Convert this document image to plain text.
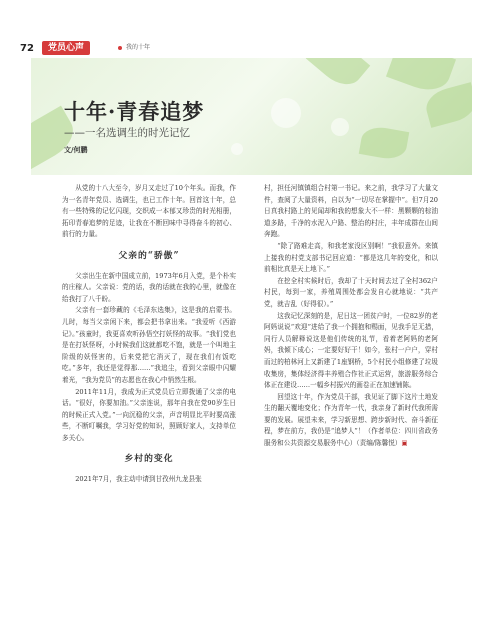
72	党员心声	我的十年
十年·青春追梦
——一名选调生的时光记忆
文/何鹏

从党的十八大至今，岁月又走过了10个年头。而我，作为一名青年党员、选调生，也已工作十年。回首这十年，总有一些特殊的记忆闪现，交织成一本郁又珍贵的时光相册，拓印青春追梦的足迹，让我在不断回味中寻得奋斗的初心、前行的力量。

父亲的“骄傲”

父亲出生在新中国成立前，1973年6月入党，是个朴实的庄稼人。父亲说：党的话，我的话就在我的心里，就像在给我打了八千盼。

父亲有一套珍藏的《毛泽东选集》，这是我的启蒙书。儿时，每当父亲闲下来，都会把书拿出来。“我爱听《西游记》。”孩童时，我更喜欢听孙悟空打妖怪的故事。“我们党也是在打妖怪呀，小时候我们这就都吃不饱，就是一个叫地主阶级的妖怪害的，后来党把它消灭了，现在我们有饭吃吃。”多年，我还是觉得那……”我追尘，看到父亲眼中闪耀着光，“我为党员”的志愿也在我心中悄然生根。

2011年11月，我成为正式党员后立即拨通了父亲的电话。“很好，你要加油。”父亲连说，那年自我在党90岁生日的时候正式入党。”一向沉稳的父亲，声音明显比平时要高涨些，不断叮嘱我，学习好党的知识，照顾好家人，支持单位多关心。

乡村的变化

2021年7月，我主动申请到甘孜州九龙县张

村，担任河镇镇组合村第一书记。来之前，我学习了大量文件，查阅了大量资料，自以为“一切尽在掌握中”。但7月20日真我村路上的见闻却和我的想象大不一样：黑颗颗的棕油道多路，千净的水泥入户路、整治的村庄，丰年成群在山间奔跑。

“除了路难走高，和我老家没区别啊！”我很意外。来镇上接我的村党支部书记回应道：“都是这几年的变化，和以前相比真是天上地下。”

在挖全村实候时后，我却了十天时间去过了全村362户村民，每到一家，养殖周围处都会发自心就地说：“共产党，就吉乱（好得很）。”

这我记忆深刻的是，尼日这一团贫户时，一位82岁的老阿妈说说“欢迎”进给了我一个拥抱和赐面，见我手足无措，同行人员解释说这是他们传统的礼节，看着老阿妈的老阿妈，我倾下成心；一定要好好干！如今，张村一户户，穿村而过的柏林河上又新建了1座钢桥，5个村民小组修建了垃圾收集房，集体经济得丰养殖合作社正式运营，旅游服务综合体正在建设……一幅乡村振兴的画卷正在加速铺陈。

回望这十年，作为党员干部，我见证了脚下这片土地发生的翻天覆地变化；作为青年一代，我亲身了新时代我所需要的发展。展望未来，学习新思想、跨步新时代、奋斗新征程，梦在前方，我仍是“追梦人”！（作者单位：四川省政务服务和公共资源交易服务中心）（责编/陈馨悦）▣
